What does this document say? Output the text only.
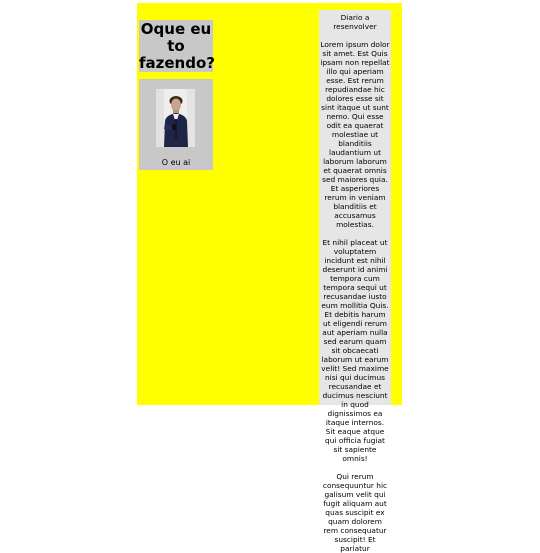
Oque eu to fazendo?
O eu ai
Diario a resenvolver

Lorem ipsum dolor sit amet. Est Quis ipsam non repellat illo qui aperiam esse. Est rerum repudiandae hic dolores esse sit sint itaque ut sunt nemo. Qui esse odit ea quaerat molestiae ut blanditiis laudantium ut laborum laborum et quaerat omnis sed maiores quia. Et asperiores rerum in veniam blanditiis et accusamus molestias.

Et nihil placeat ut voluptatem incidunt est nihil deserunt id animi tempora cum tempora sequi ut recusandae iusto eum mollitia Quis. Et debitis harum ut eligendi rerum aut aperiam nulla sed earum quam sit obcaecati laborum ut earum velit! Sed maxime nisi qui ducimus recusandae et ducimus nesciunt in quod dignissimos ea itaque internos. Sit eaque atque qui officia fugiat sit sapiente omnis!

Qui rerum consequuntur hic galisum velit qui fugit aliquam aut quas suscipit ex quam dolorem rem consequatur suscipit! Et pariatur
